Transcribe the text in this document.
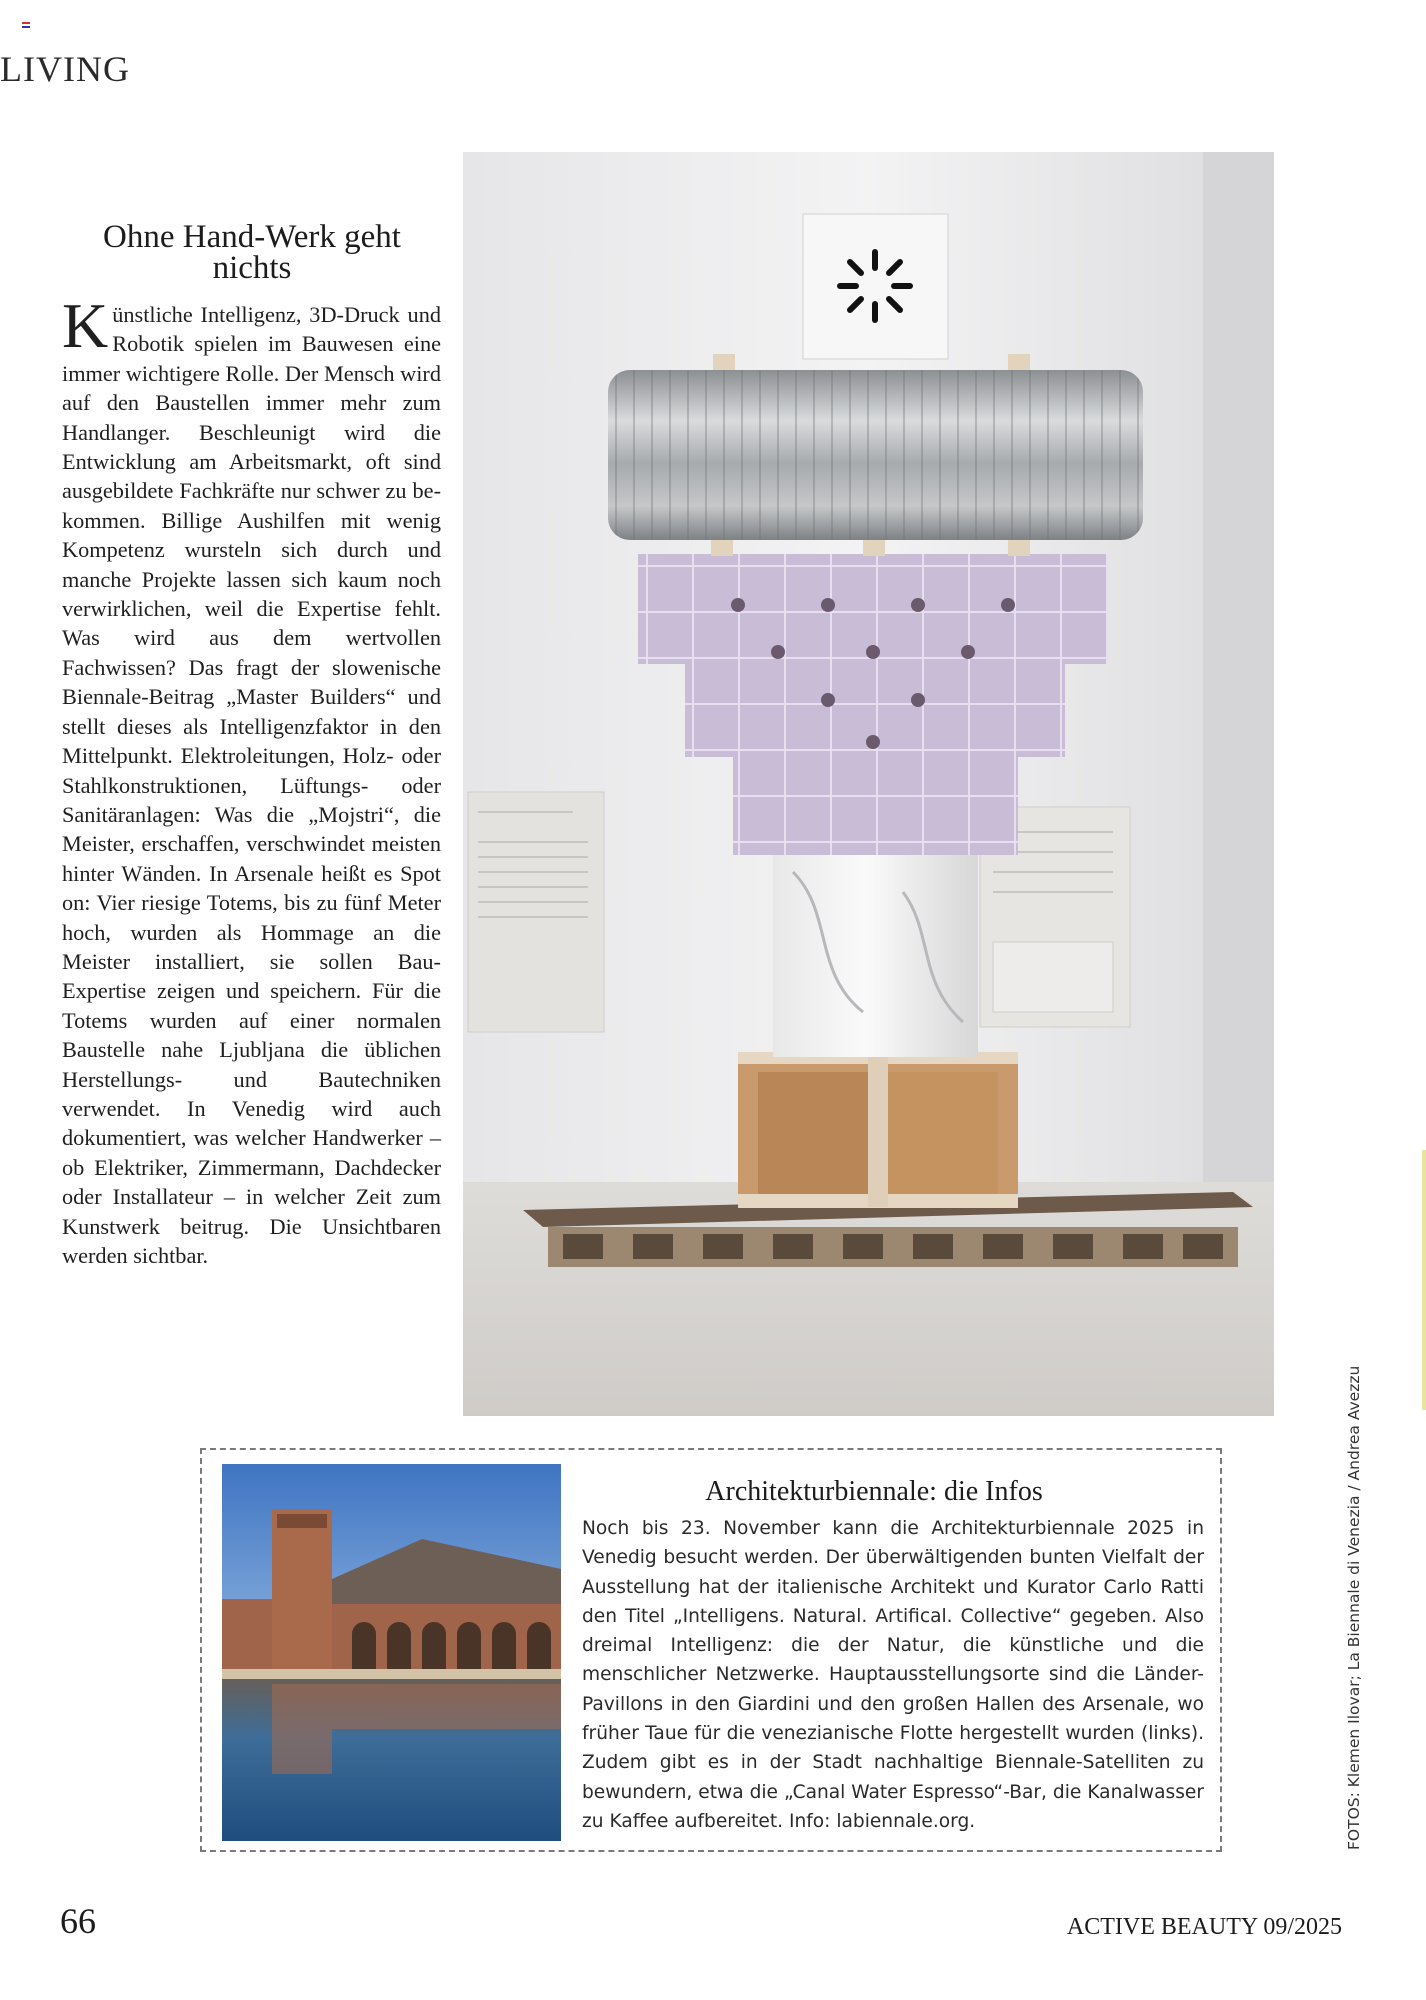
LIVING
Ohne Hand-Werk geht nichts
Künstliche Intelligenz, 3D-Druck und Robotik spielen im Bauwesen eine immer wichtigere Rolle. Der Mensch wird auf den Baustellen immer mehr zum Handlanger. Beschleunigt wird die Entwicklung am Arbeitsmarkt, oft sind ausgebildete Fachkräfte nur schwer zu bekommen. Billige Aushilfen mit wenig Kompetenz wursteln sich durch und manche Projekte lassen sich kaum noch verwirklichen, weil die Expertise fehlt. Was wird aus dem wertvollen Fachwissen? Das fragt der slowenische Biennale-Beitrag „Master Builders“ und stellt dieses als Intelligenzfaktor in den Mittelpunkt. Elektroleitungen, Holz- oder Stahlkonstruktionen, Lüftungs- oder Sanitäranlagen: Was die „Mojstri“, die Meister, erschaffen, verschwindet meisten hinter Wänden. In Arsenale heißt es Spot on: Vier riesige Totems, bis zu fünf Meter hoch, wurden als Hommage an die Meister installiert, sie sollen Bau-Expertise zeigen und speichern. Für die Totems wurden auf einer normalen Baustelle nahe Ljubljana die üblichen Herstellungs- und Bautechniken verwendet. In Venedig wird auch dokumentiert, was welcher Handwerker – ob Elektriker, Zimmermann, Dachdecker oder Installateur – in welcher Zeit zum Kunstwerk beitrug. Die Unsichtbaren werden sichtbar.
Architekturbiennale: die Infos
Noch bis 23. November kann die Architekturbiennale 2025 in Venedig besucht werden. Der überwältigenden bunten Vielfalt der Ausstellung hat der italienische Architekt und Kurator Carlo Ratti den Titel „Intelligens. Natural. Artifical. Collective“ gegeben. Also dreimal Intelligenz: die der Natur, die künstliche und die menschlicher Netzwerke. Hauptausstellungsorte sind die Länder-Pavillons in den Giardini und den großen Hallen des Arsenale, wo früher Taue für die venezianische Flotte hergestellt wurden (links). Zudem gibt es in der Stadt nachhaltige Biennale-Satelliten zu bewundern, etwa die „Canal Water Espresso“-Bar, die Kanalwasser zu Kaffee aufbereitet. Info: labiennale.org.	FOTOS: Klemen Ilovar; La Biennale di Venezia / Andrea Avezzu
66	ACTIVE BEAUTY 09/2025
